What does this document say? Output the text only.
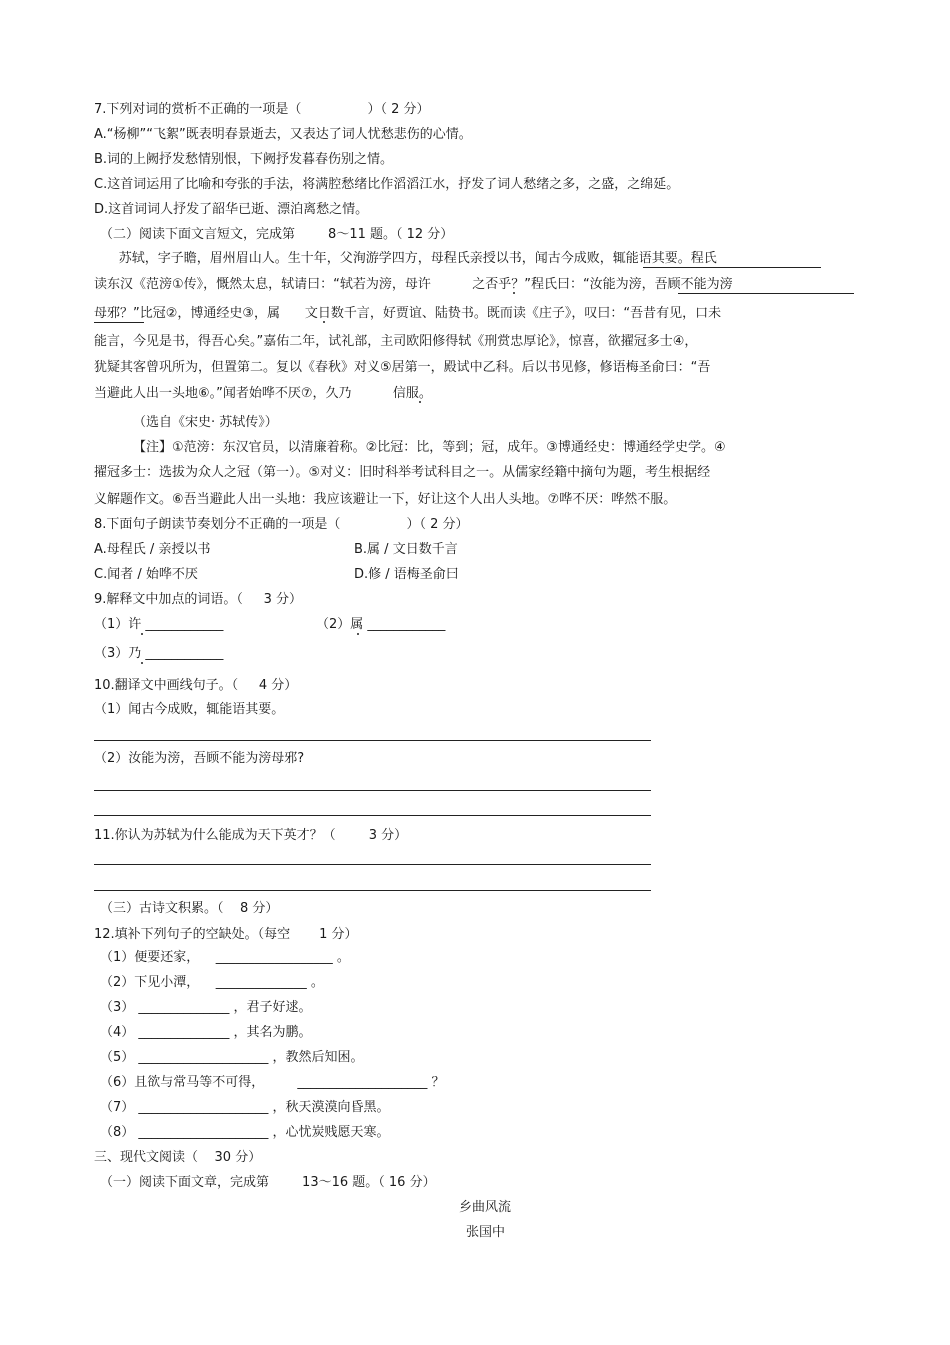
7.下列对词的赏析不正确的一项是（                ）（ 2 分）
A.“杨柳”“飞絮”既表明春景逝去，又表达了词人忧愁悲伤的心情。
B.词的上阙抒发愁情别恨，下阙抒发暮春伤别之情。
C.这首词运用了比喻和夸张的手法，将满腔愁绪比作滔滔江水，抒发了词人愁绪之多，之盛，之绵延。
D.这首词词人抒发了韶华已逝、漂泊离愁之情。
（二）阅读下面文言短文，完成第        8～11 题。（ 12 分）
苏轼，字子瞻，眉州眉山人。生十年，父洵游学四方，母程氏亲授以书，闻古今成败，辄能语其要。程氏
读东汉《范滂①传》，慨然太息，轼请曰：“轼若为滂，母许          之否乎？”程氏曰：“汝能为滂，吾顾不能为滂
母邪？”比冠②，博通经史③，属      文日数千言，好贾谊、陆贽书。既而读《庄子》，叹曰：“吾昔有见，口未
能言，今见是书，得吾心矣。”嘉佑二年，试礼部，主司欧阳修得轼《刑赏忠厚论》，惊喜，欲擢冠多士④，
犹疑其客曾巩所为，但置第二。复以《春秋》对义⑤居第一，殿试中乙科。后以书见修，修语梅圣俞曰：“吾
当避此人出一头地⑥。”闻者始哗不厌⑦，久乃          信服。
（选自《宋史· 苏轼传》）
【注】①范滂：东汉官员，以清廉着称。②比冠：比，等到；冠，成年。③博通经史：博通经学史学。④
擢冠多士：选拔为众人之冠（第一）。⑤对义：旧时科举考试科目之一。从儒家经籍中摘句为题，考生根据经
义解题作文。⑥吾当避此人出一头地：我应该避让一下，好让这个人出人头地。⑦哗不厌：哗然不服。
8.下面句子朗读节奏划分不正确的一项是（                ）（ 2 分）
A.母程氏 / 亲授以书	B.属 / 文日数千言
C.闻者 / 始哗不厌	D.修 / 语梅圣俞曰
9.解释文中加点的词语。（     3 分）
（1）许 ____________	（2）属 ____________
（3）乃 ____________
10.翻译文中画线句子。（     4 分）
（1）闻古今成败，辄能语其要。
（2）汝能为滂，吾顾不能为滂母邪?
11.你认为苏轼为什么能成为天下英才？（        3 分）
（三）古诗文积累。（    8 分）
12.填补下列句子的空缺处。（每空       1 分）
（1）便要还家，    __________________ 。
（2）下见小潭，    ______________ 。
（3） ______________ ，君子好逑。
（4） ______________ ，其名为鹏。
（5） ____________________ ，教然后知困。
（6）且欲与常马等不可得，        ____________________ ？
（7） ____________________ ，秋天漠漠向昏黑。
（8） ____________________ ，心忧炭贱愿天寒。
三、现代文阅读（    30 分）
（一）阅读下面文章，完成第        13～16 题。（ 16 分）
乡曲风流
张国中
